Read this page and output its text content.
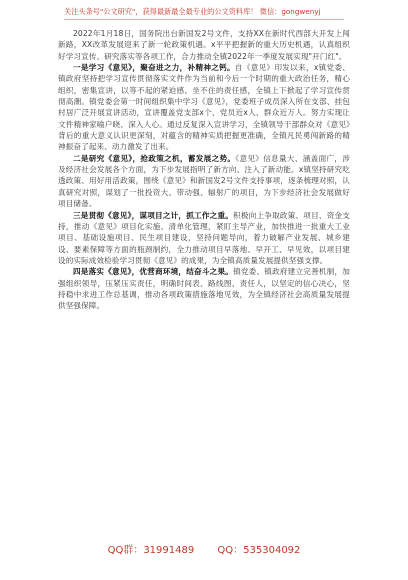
关注头条号"公文研究"，获得最新最全最专业的公文资料库！ 微信：gongwenyj

2022年1月18日，国务院出台新国发2号文件，支持XX在新时代西部大开发上闯新路，XX改革发展迎来了新一轮政策机遇。x平平把握新的重大历史机遇，认真组织好学习宣传、研究落实等各项工作，合力推动全镇2022年一季度发展实现"开门红"。

一是学习《意见》，聚奋进之力，补精神之钙。自《意见》印发以来，x镇党委、镇政府坚持把学习宣传贯彻落实文件作为当前和今后一个时期的重大政治任务，精心组织，密集宣讲，以等不起的紧迫感、坐不住的责任感，全镇上下掀起了学习宣传贯彻高潮。镇党委会第一时间组织集中学习《意见》，党委班子成员深入所在支部、挂包村居广泛开展宣讲活动，宣讲覆盖党支部x个、党员近x人、群众近万人。努力实现让文件精神家喻户晓、深入人心。通过反复深入宣讲学习，全镇领导干部群众对《意见》背后的重大意义认识更深刻，对蕴含的精神实质把握更准确，全镇凡民勇闯新路的精神振奋了起来、动力激发了出来。

二是研究《意见》，抢政策之机，蓄发展之势。《意见》信息量大、涵盖面广，涉及经济社会发展各个方面，为下步发展指明了新方向、注入了新动能。x镇坚持研究吃透政策、用好用活政策，围绕《意见》和新国发2号文件支持事项，逐条梳理对照，认真研究对照，谋划了一批投资大、带动强、辐射广的项目，为下步经济社会发展做好项目储备。

三是贯彻《意见》，谋项目之计，抓工作之重。积极向上争取政策、项目、资金支持，推动《意见》项目化实施、清单化管理，紧盯主导产业，加快推进一批重大工业项目、基础设施项目、民生项目建设，坚持问题导向，着力破解产业发展、城乡建设、要素保障等方面的瓶颈制约，全力推动项目早落地、早开工、早见效，以项目建设的实际成效检验学习贯彻《意见》的成果，为全镇高质量发展提供坚强支撑。

四是落实《意见》，优营商环境，结奋斗之果。镇党委、镇政府建立完善机制，加强组织领导，压紧压实责任，明确时间表、路线图、责任人，以坚定的信心决心，坚持稳中求进工作总基调，推动各项政策措施落地见效，为全镇经济社会高质量发展提供坚强保障。

QQ群：31991489 QQ：535304092
